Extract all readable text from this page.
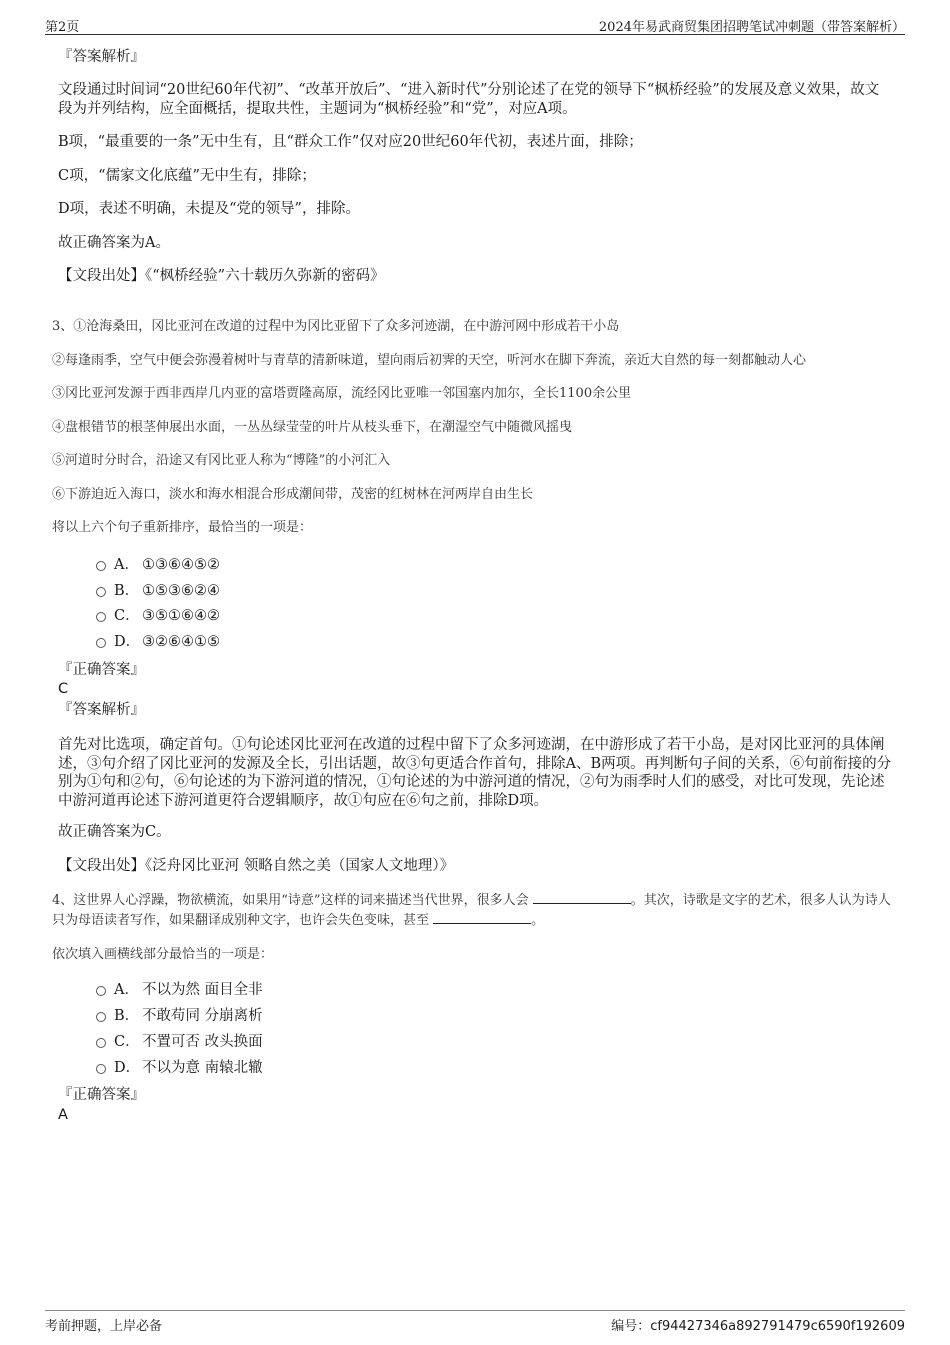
第2页	2024年易武商贸集团招聘笔试冲刺题（带答案解析）
『答案解析』
文段通过时间词“20世纪60年代初”、“改革开放后”、“进入新时代”分别论述了在党的领导下“枫桥经验”的发展及意义效果，故文段为并列结构，应全面概括，提取共性，主题词为“枫桥经验”和“党”，对应A项。
B项，“最重要的一条”无中生有，且“群众工作”仅对应20世纪60年代初，表述片面，排除；
C项，“儒家文化底蕴”无中生有，排除；
D项，表述不明确，未提及“党的领导”，排除。
故正确答案为A。
【文段出处】《“枫桥经验”六十载历久弥新的密码》
3、①沧海桑田，冈比亚河在改道的过程中为冈比亚留下了众多河迹湖，在中游河网中形成若干小岛
②每逢雨季，空气中便会弥漫着树叶与青草的清新味道，望向雨后初霁的天空，听河水在脚下奔流，亲近大自然的每一刻都触动人心
③冈比亚河发源于西非西岸几内亚的富塔贾隆高原，流经冈比亚唯一邻国塞内加尔，全长1100余公里
④盘根错节的根茎伸展出水面，一丛丛绿莹莹的叶片从枝头垂下，在潮湿空气中随微风摇曳
⑤河道时分时合，沿途又有冈比亚人称为“博隆”的小河汇入
⑥下游迫近入海口，淡水和海水相混合形成潮间带，茂密的红树林在河两岸自由生长
将以上六个句子重新排序，最恰当的一项是：
A． ①③⑥④⑤②
B． ①⑤③⑥②④
C． ③⑤①⑥④②
D． ③②⑥④①⑤
『正确答案』
C
『答案解析』
首先对比选项，确定首句。①句论述冈比亚河在改道的过程中留下了众多河迹湖，在中游形成了若干小岛，是对冈比亚河的具体阐述，③句介绍了冈比亚河的发源及全长，引出话题，故③句更适合作首句，排除A、B两项。再判断句子间的关系，⑥句前衔接的分别为①句和②句，⑥句论述的为下游河道的情况，①句论述的为中游河道的情况，②句为雨季时人们的感受，对比可发现，先论述中游河道再论述下游河道更符合逻辑顺序，故①句应在⑥句之前，排除D项。
故正确答案为C。
【文段出处】《泛舟冈比亚河 领略自然之美（国家人文地理）》
4、这世界人心浮躁，物欲横流，如果用“诗意”这样的词来描述当代世界，很多人会	。其次，诗歌是文字的艺术，很多人认为诗人只为母语读者写作，如果翻译成别种文字，也许会失色变味，甚至	。
依次填入画横线部分最恰当的一项是：
A． 不以为然 面目全非
B． 不敢苟同 分崩离析
C． 不置可否 改头换面
D． 不以为意 南辕北辙
『正确答案』
A
考前押题，上岸必备	编号：cf94427346a892791479c6590f192609
